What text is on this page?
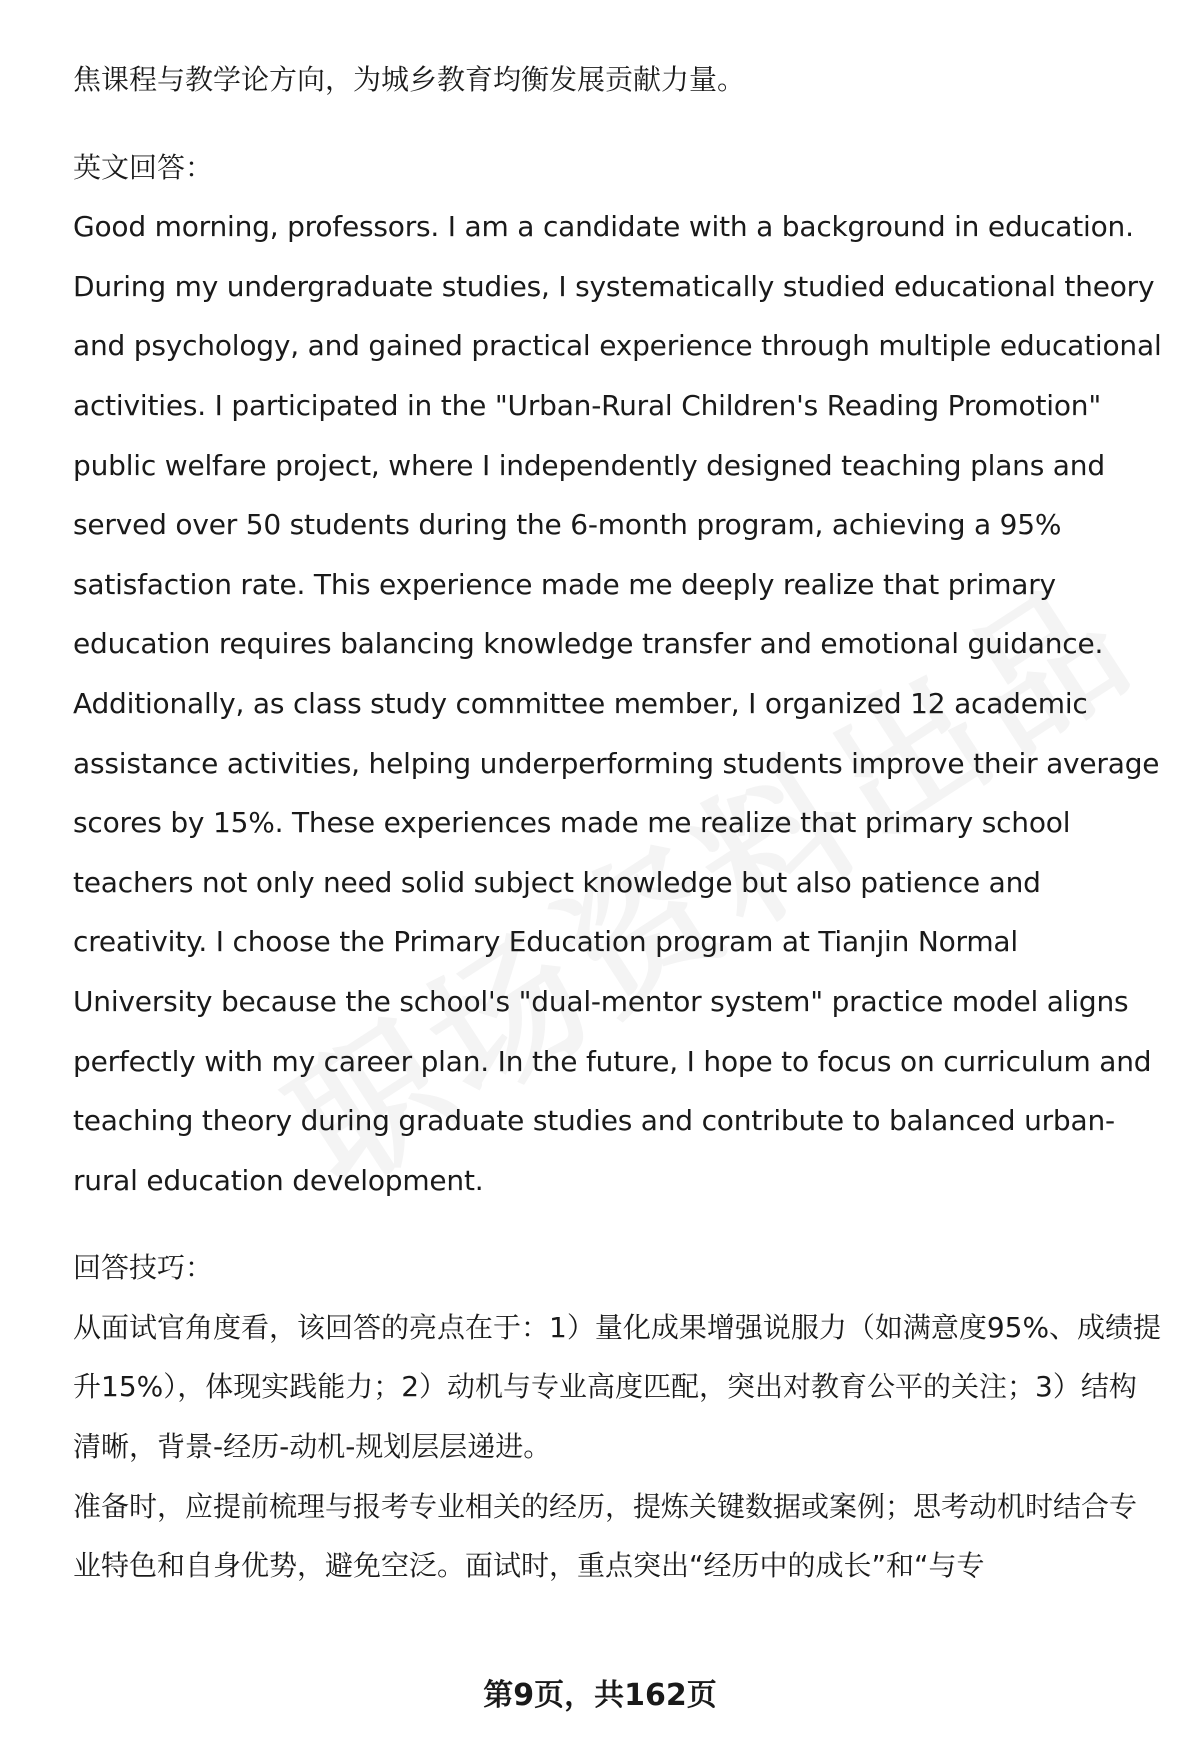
焦课程与教学论方向，为城乡教育均衡发展贡献力量。

英文回答：

Good morning, professors. I am a candidate with a background in education. During my undergraduate studies, I systematically studied educational theory and psychology, and gained practical experience through multiple educational activities. I participated in the "Urban-Rural Children's Reading Promotion" public welfare project, where I independently designed teaching plans and served over 50 students during the 6-month program, achieving a 95% satisfaction rate. This experience made me deeply realize that primary education requires balancing knowledge transfer and emotional guidance. Additionally, as class study committee member, I organized 12 academic assistance activities, helping underperforming students improve their average scores by 15%. These experiences made me realize that primary school teachers not only need solid subject knowledge but also patience and creativity. I choose the Primary Education program at Tianjin Normal University because the school's "dual-mentor system" practice model aligns perfectly with my career plan. In the future, I hope to focus on curriculum and teaching theory during graduate studies and contribute to balanced urban-rural education development.

回答技巧：

从面试官角度看，该回答的亮点在于：1）量化成果增强说服力（如满意度95%、成绩提升15%），体现实践能力；2）动机与专业高度匹配，突出对教育公平的关注；3）结构清晰，背景-经历-动机-规划层层递进。

准备时，应提前梳理与报考专业相关的经历，提炼关键数据或案例；思考动机时结合专业特色和自身优势，避免空泛。面试时，重点突出“经历中的成长”和“与专

第9页，共162页
